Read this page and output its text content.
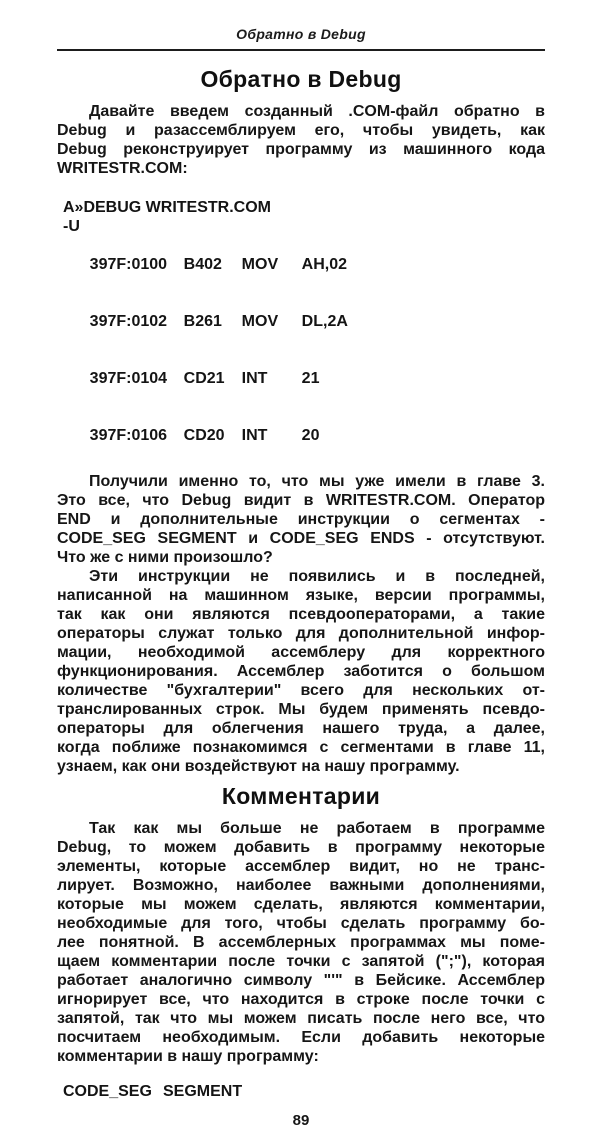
Обратно в Debug
Обратно в Debug
Давайте введем созданный .COM-файл обратно в
Debug и разассемблируем его, чтобы увидеть, как
Debug реконструирует программу из машинного кода
WRITESTR.COM:
A»DEBUG WRITESTR.COM
-U

397F:0100 B402 MOV AH,02

397F:0102 B261 MOV DL,2A

397F:0104 CD21 INT 21

397F:0106 CD20 INT 20

Получили именно то, что мы уже имели в главе 3.
Это все, что Debug видит в WRITESTR.COM. Оператор
END и дополнительные инструкции о сегментах -
CODE_SEG SEGMENT и CODE_SEG ENDS - отсутствуют.
Что же с ними произошло?
Эти инструкции не появились и в последней,
написанной на машинном языке, версии программы,
так как они являются псевдооператорами, а такие
операторы служат только для дополнительной инфор-
мации, необходимой ассемблеру для корректного
функционирования. Ассемблер заботится о большом
количестве "бухгалтерии" всего для нескольких от-
транслированных строк. Мы будем применять псевдо-
операторы для облегчения нашего труда, а далее,
когда поближе познакомимся с сегментами в главе 11,
узнаем, как они воздействуют на нашу программу.
Комментарии
Так как мы больше не работаем в программе
Debug, то можем добавить в программу некоторые
элементы, которые ассемблер видит, но не транс-
лирует. Возможно, наиболее важными дополнениями,
которые мы можем сделать, являются комментарии,
необходимые для того, чтобы сделать программу бо-
лее понятной. В ассемблерных программах мы поме-
щаем комментарии после точки с запятой (";"), которая
работает аналогично символу "'" в Бейсике. Ассемблер
игнорирует все, что находится в строке после точки с
запятой, так что мы можем писать после него все, что
посчитаем необходимым. Если добавить некоторые
комментарии в нашу программу:
CODE_SEG SEGMENT
89
